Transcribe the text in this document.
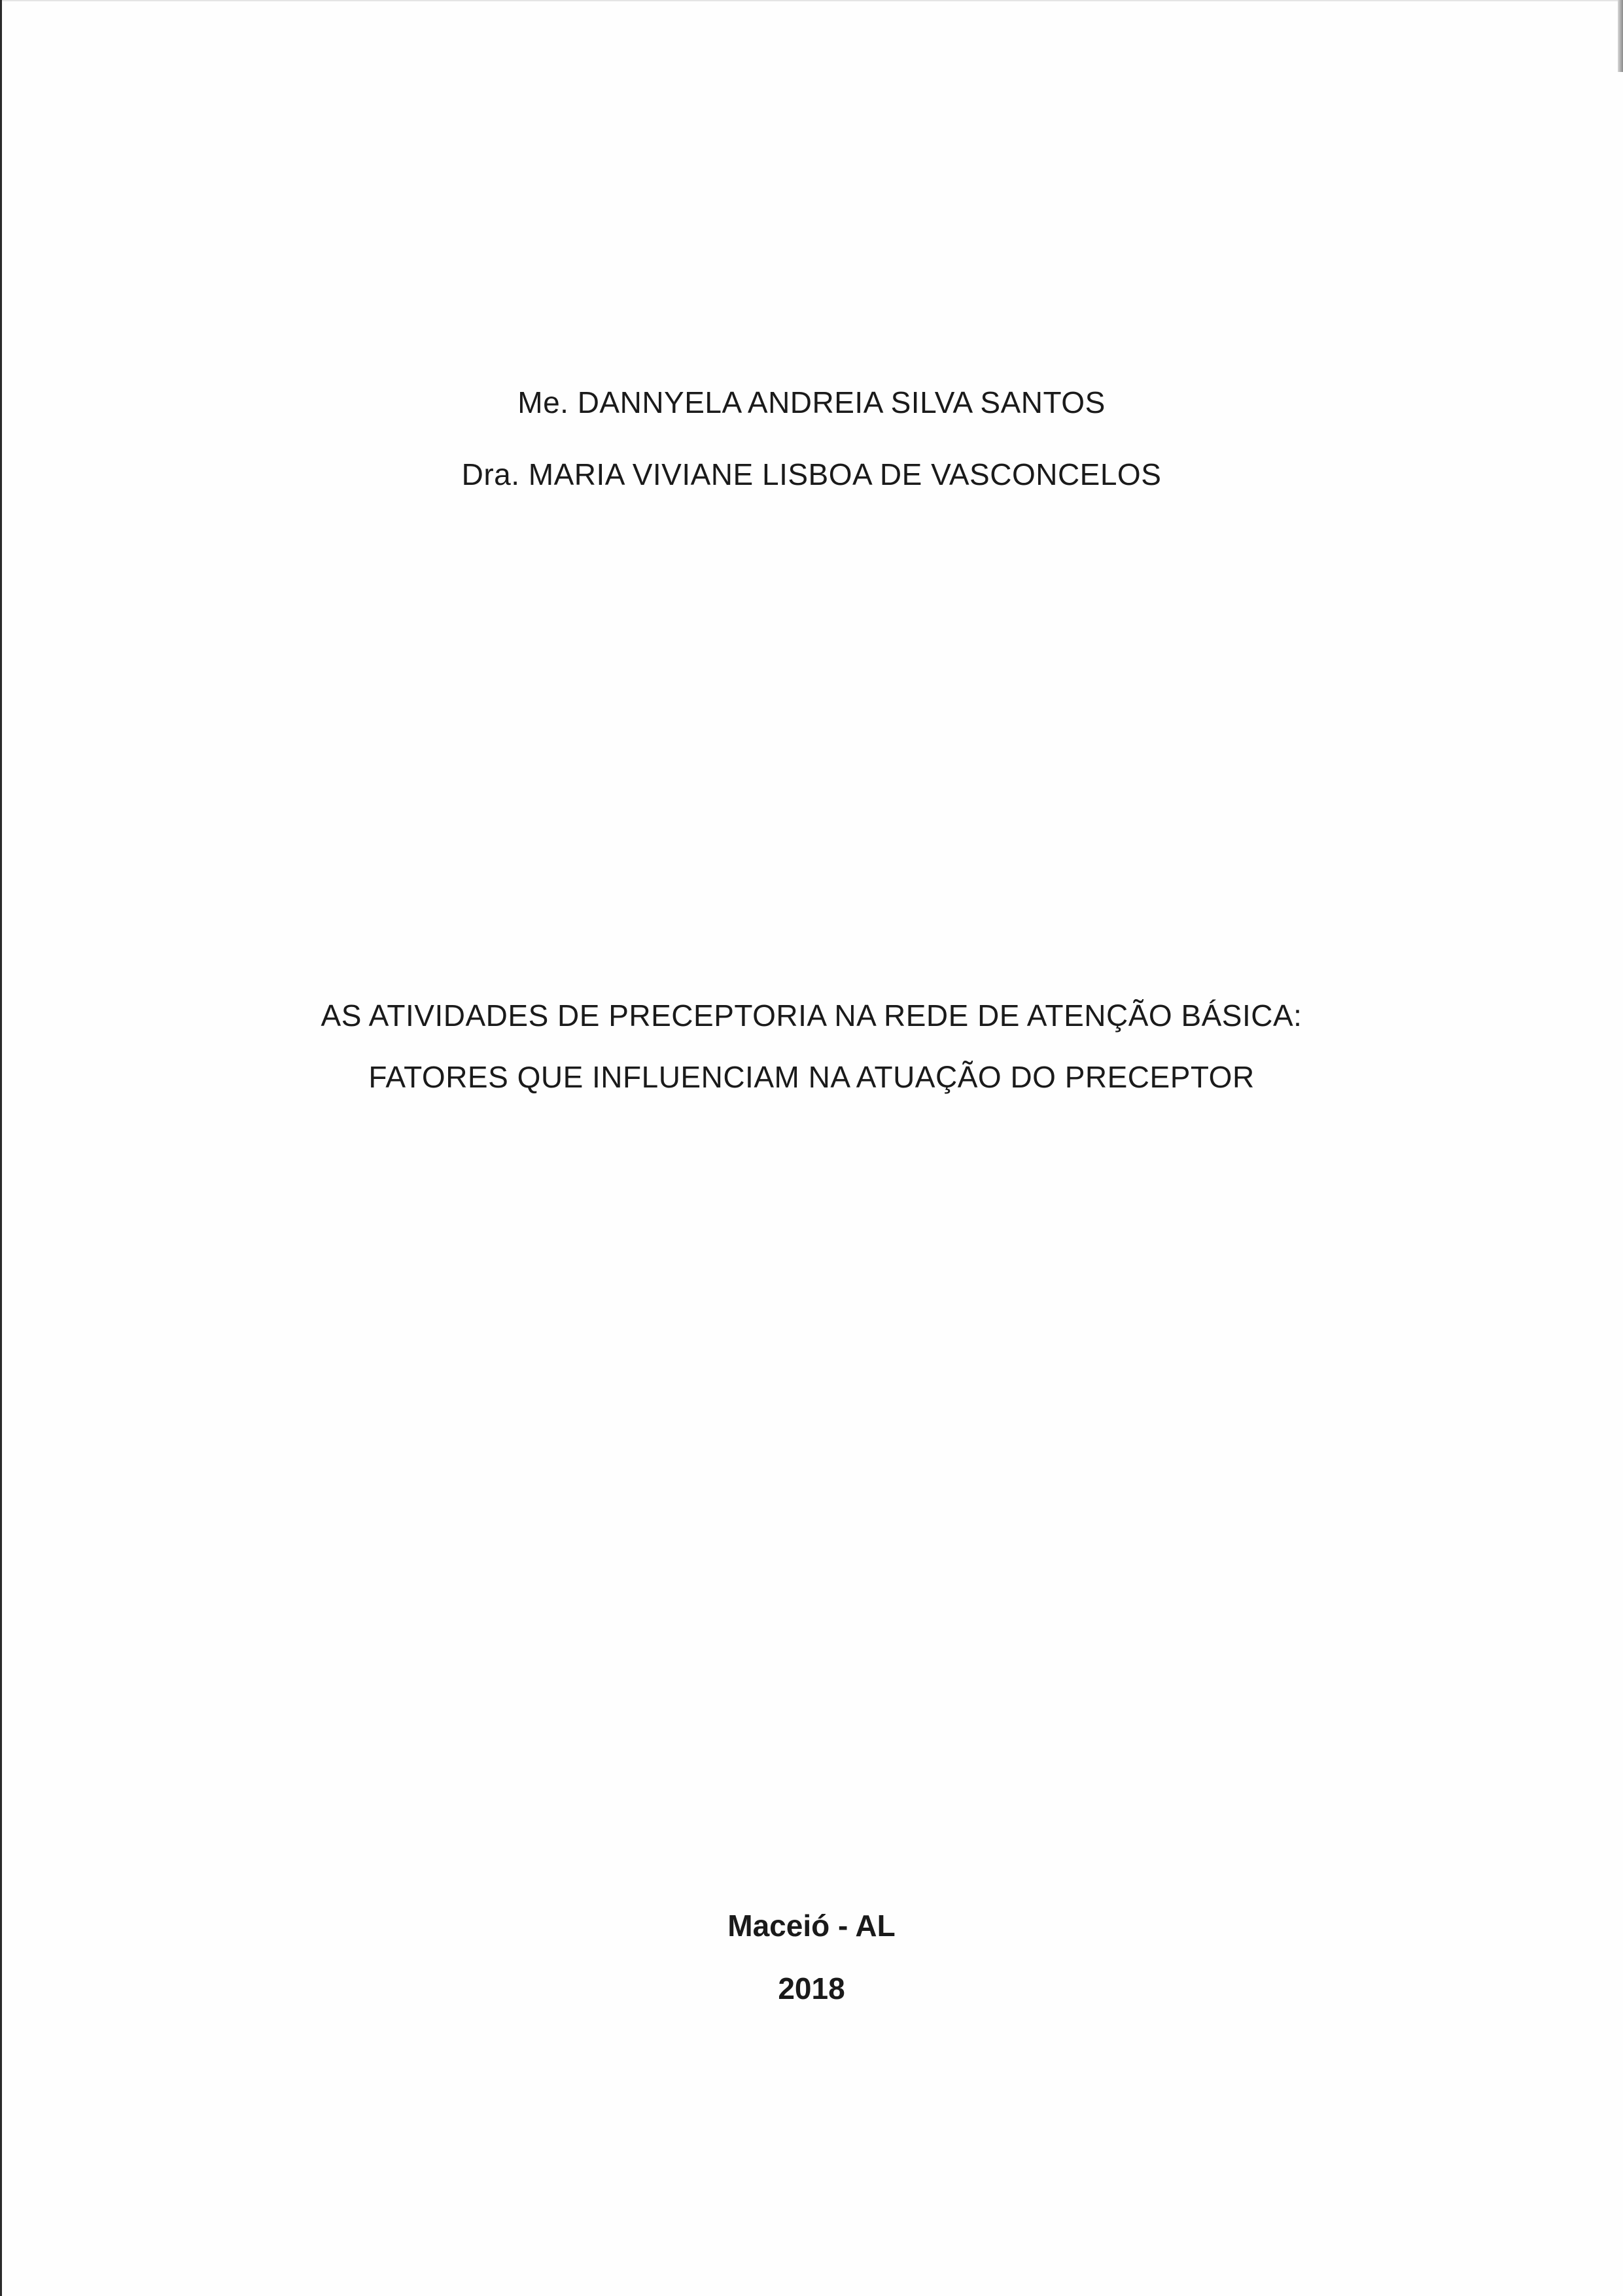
Me. DANNYELA ANDREIA SILVA SANTOS
Dra. MARIA VIVIANE LISBOA DE VASCONCELOS
AS ATIVIDADES DE PRECEPTORIA NA REDE DE ATENÇÃO BÁSICA:
FATORES QUE INFLUENCIAM NA ATUAÇÃO DO PRECEPTOR
Maceió - AL
2018
